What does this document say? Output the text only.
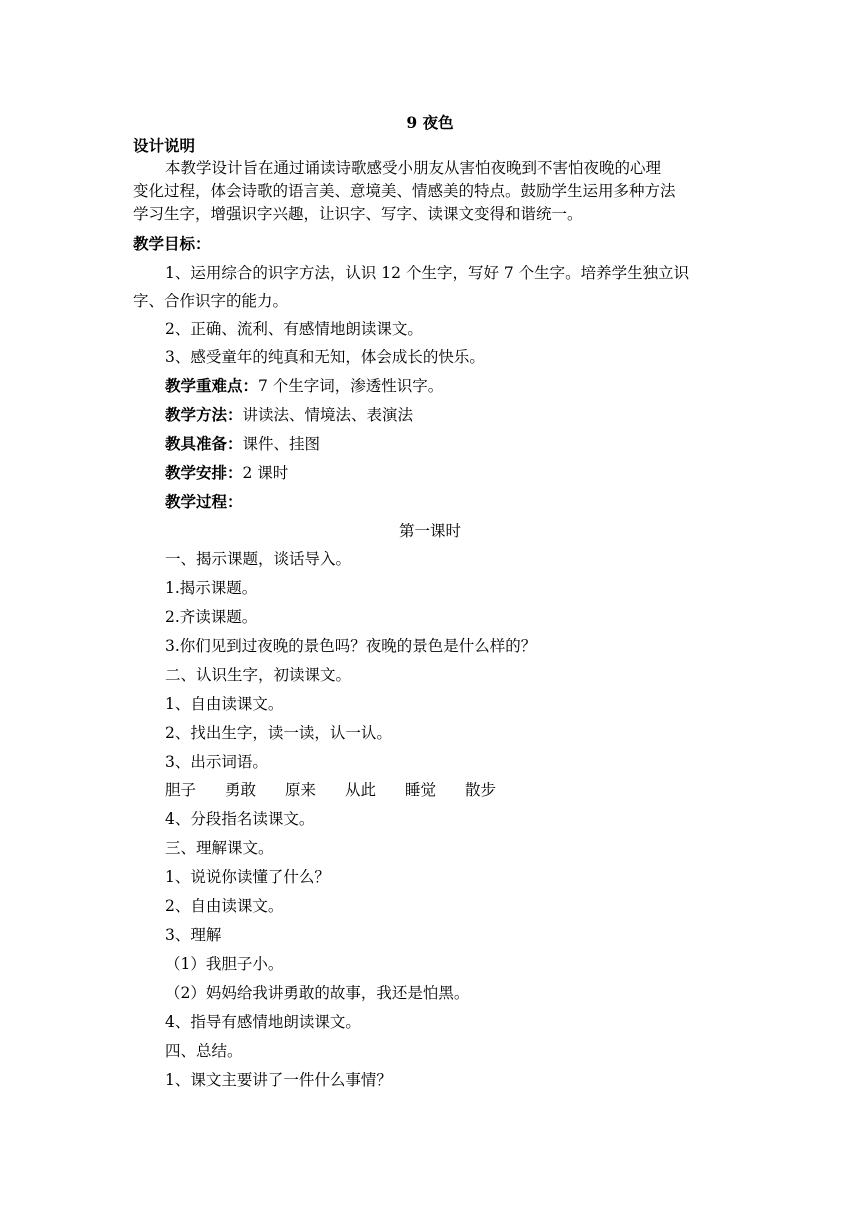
9 夜色
设计说明
本教学设计旨在通过诵读诗歌感受小朋友从害怕夜晚到不害怕夜晚的心理
变化过程，体会诗歌的语言美、意境美、情感美的特点。鼓励学生运用多种方法
学习生字，增强识字兴趣，让识字、写字、读课文变得和谐统一。
教学目标：
1、运用综合的识字方法，认识 12 个生字，写好 7 个生字。培养学生独立识
字、合作识字的能力。
2、正确、流利、有感情地朗读课文。
3、感受童年的纯真和无知，体会成长的快乐。
教学重难点：7 个生字词，渗透性识字。
教学方法：讲读法、情境法、表演法
教具准备：课件、挂图
教学安排：2 课时
教学过程：
第一课时
一、揭示课题，谈话导入。
1.揭示课题。
2.齐读课题。
3.你们见到过夜晚的景色吗？夜晚的景色是什么样的？
二、认识生字，初读课文。
1、自由读课文。
2、找出生字，读一读，认一认。
3、出示词语。
胆子 勇敢 原来 从此 睡觉 散步
4、分段指名读课文。
三、理解课文。
1、说说你读懂了什么？
2、自由读课文。
3、理解
（1）我胆子小。
（2）妈妈给我讲勇敢的故事，我还是怕黑。
4、指导有感情地朗读课文。
四、总结。
1、课文主要讲了一件什么事情？
